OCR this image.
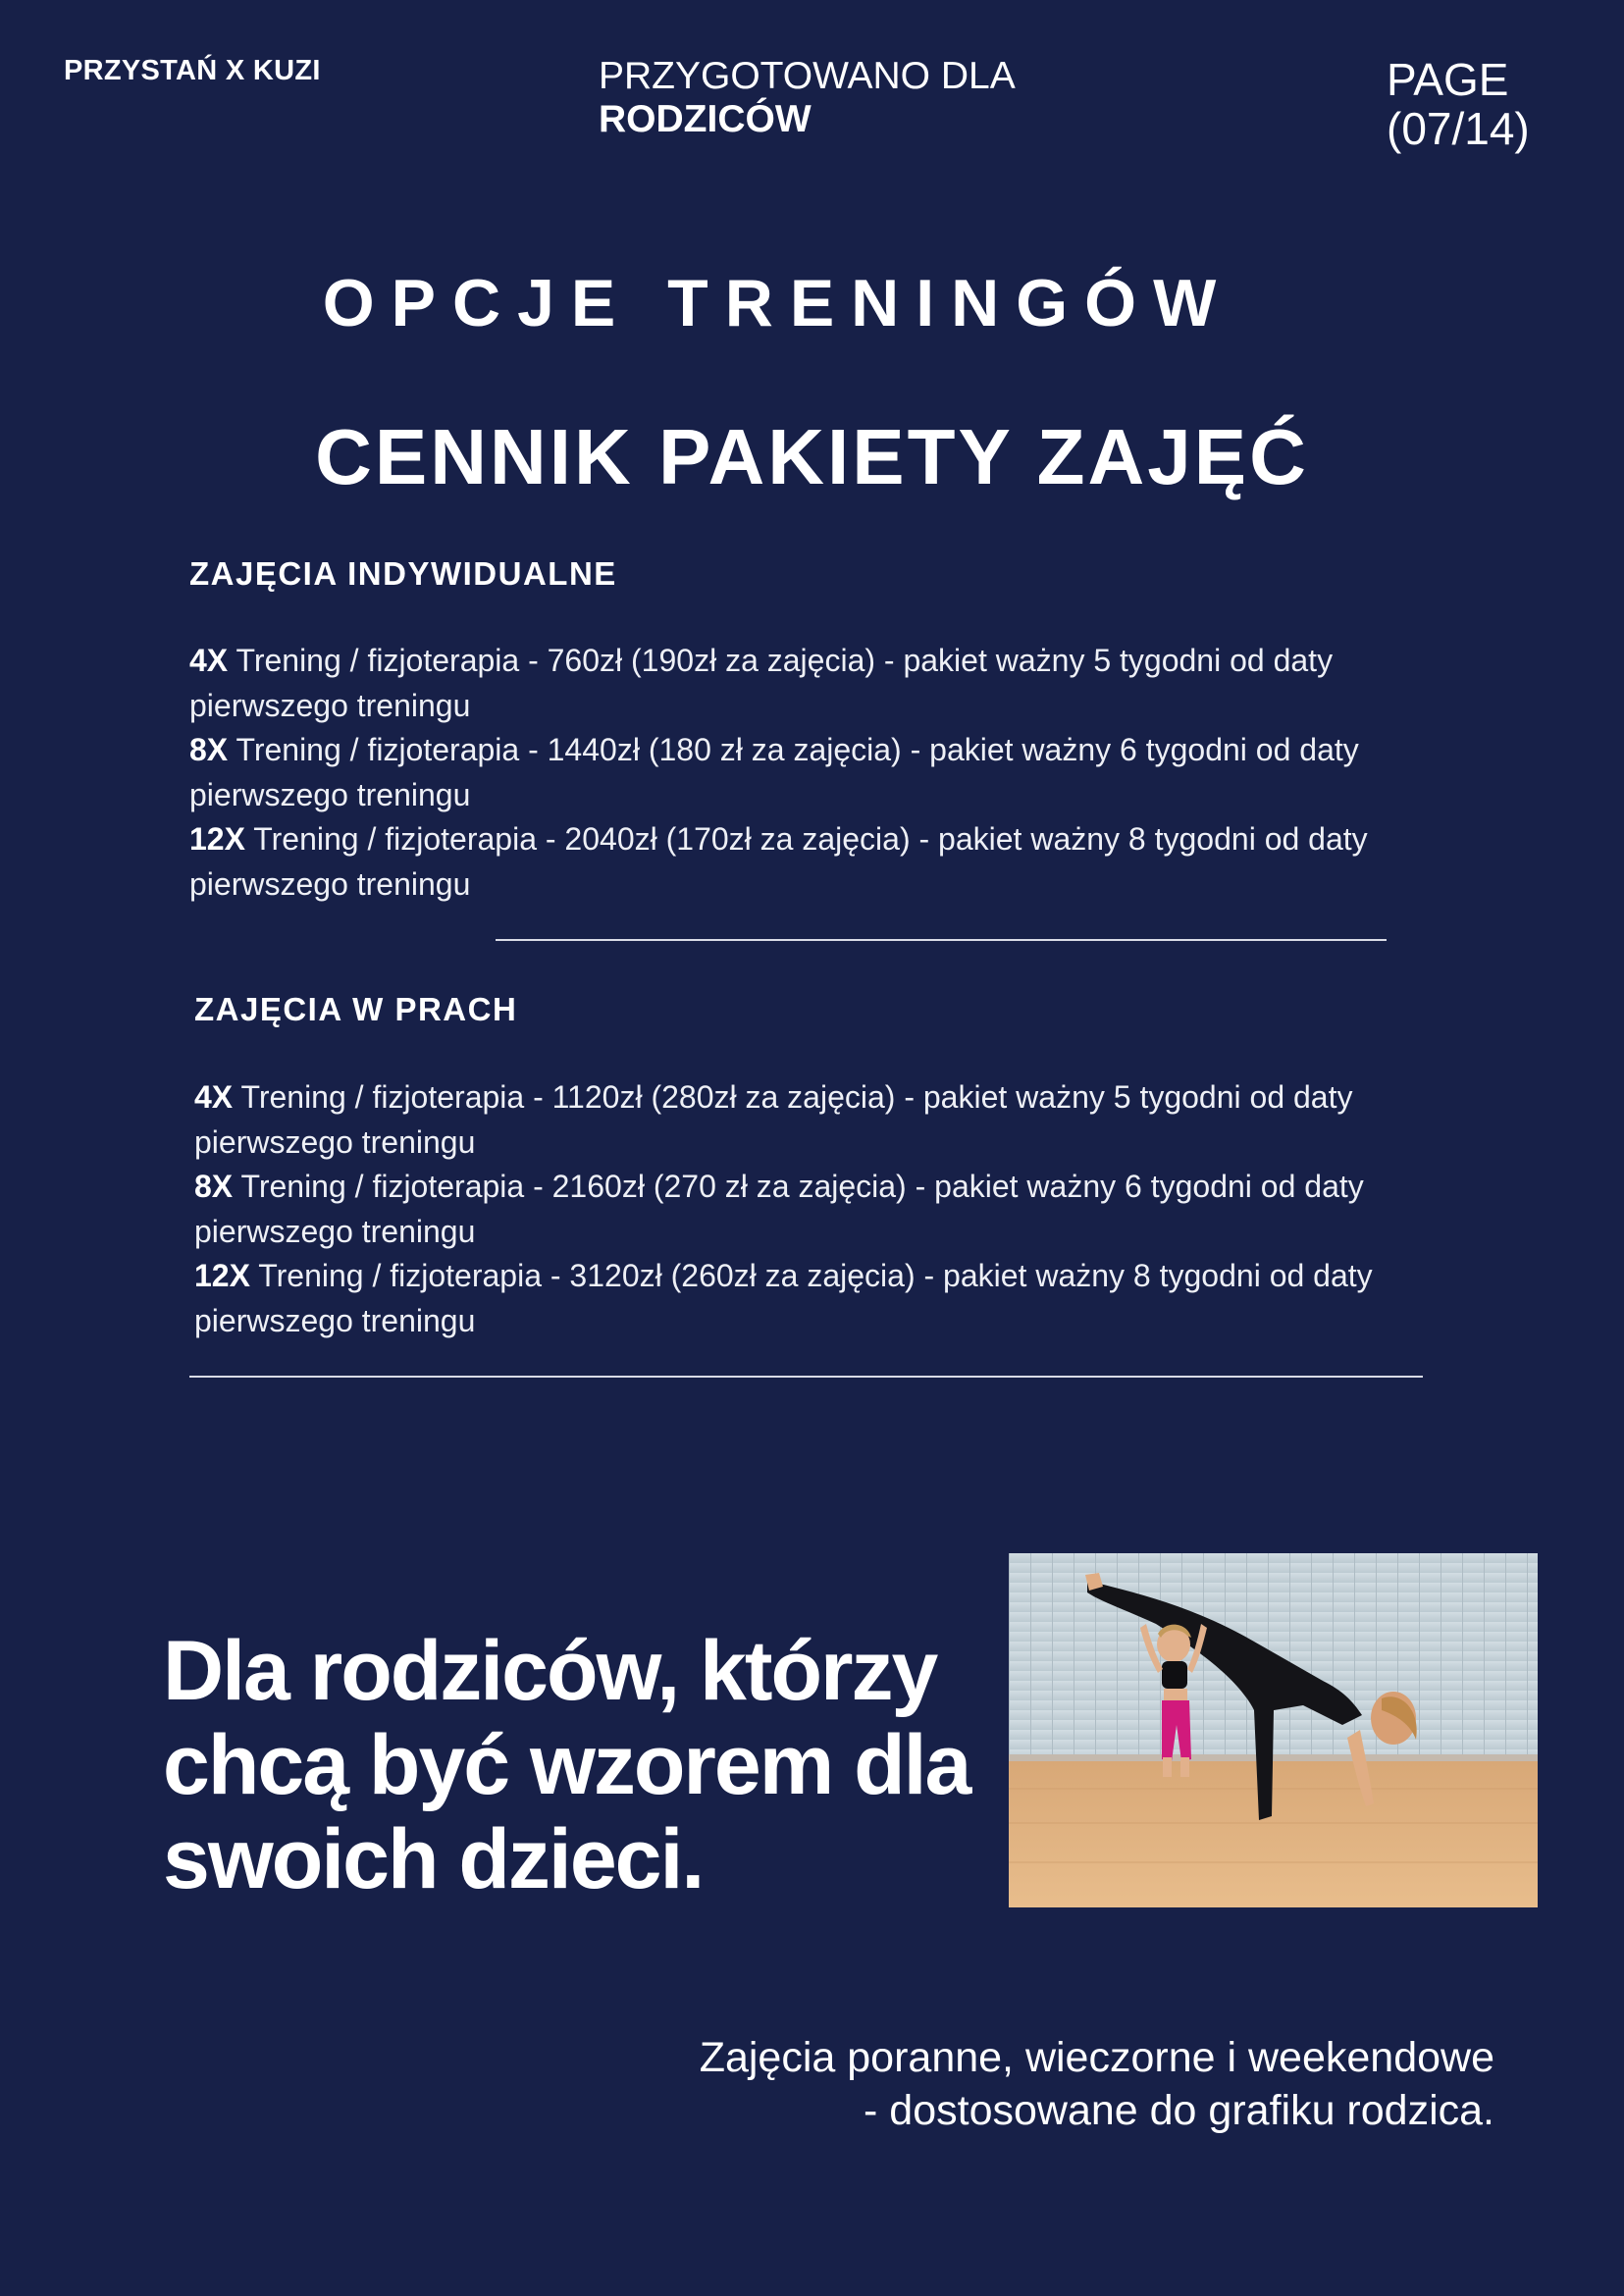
PRZYSTAŃ X KUZI	PRZYGOTOWANO DLA
RODZICÓW
PAGE
(07/14)
OPCJE TRENINGÓW
CENNIK PAKIETY ZAJĘĆ
ZAJĘCIA INDYWIDUALNE
4X Trening / fizjoterapia - 760zł (190zł za zajęcia) - pakiet ważny 5 tygodni od daty pierwszego treningu
8X Trening / fizjoterapia - 1440zł (180 zł za zajęcia) - pakiet ważny 6 tygodni od daty pierwszego treningu
12X Trening / fizjoterapia - 2040zł (170zł za zajęcia) - pakiet ważny 8 tygodni od daty pierwszego treningu
ZAJĘCIA W PRACH
4X Trening / fizjoterapia - 1120zł (280zł za zajęcia) - pakiet ważny 5 tygodni od daty pierwszego treningu
8X Trening / fizjoterapia - 2160zł (270 zł za zajęcia) - pakiet ważny 6 tygodni od daty pierwszego treningu
12X Trening / fizjoterapia - 3120zł (260zł za zajęcia) - pakiet ważny 8 tygodni od daty pierwszego treningu
Dla rodziców, którzy chcą być wzorem dla swoich dzieci.
Zajęcia poranne, wieczorne i weekendowe
- dostosowane do grafiku rodzica.
